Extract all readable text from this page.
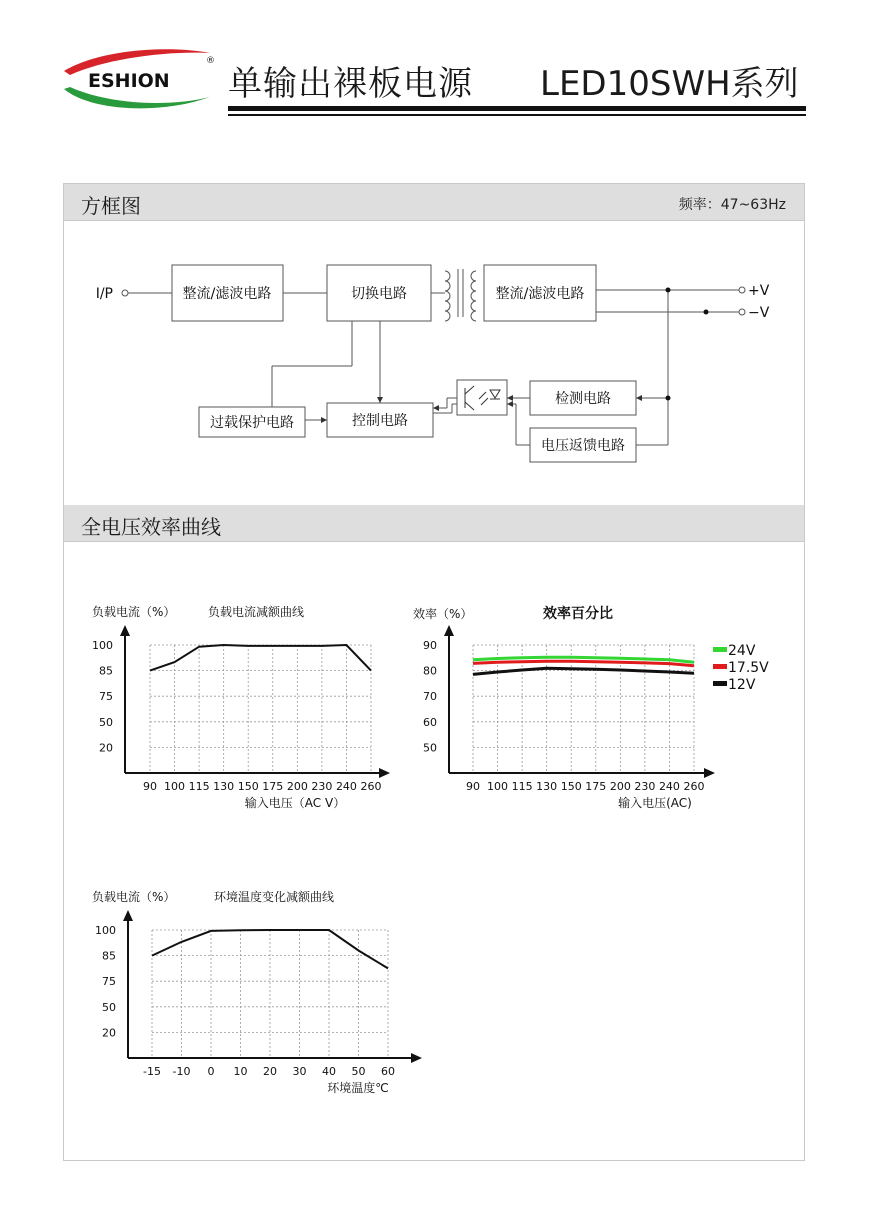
ESHION
®
单输出裸板电源 LED10SWH系列
方框图	频率：47~63Hz
I/P	整流/滤波电路	切换电路	整流/滤波电路
检测电路
电压返馈电路
控制电路
过载保护电路
+V
−V
全电压效率曲线
90 100 115 130 150 175 200 230 240 260
100
85
75
50
20
负载电流（%）	负载电流减额曲线
输入电压（AC V）
90 100 115 130 150 175 200 230 240 260
90
80
70
60
50
效率（%）	效率百分比
输入电压(AC)
24V
17.5V
12V
-15 -10 0 10 20 30 40 50 60
100
85
75
50
20
负载电流（%）	环境温度变化减额曲线
环境温度℃
